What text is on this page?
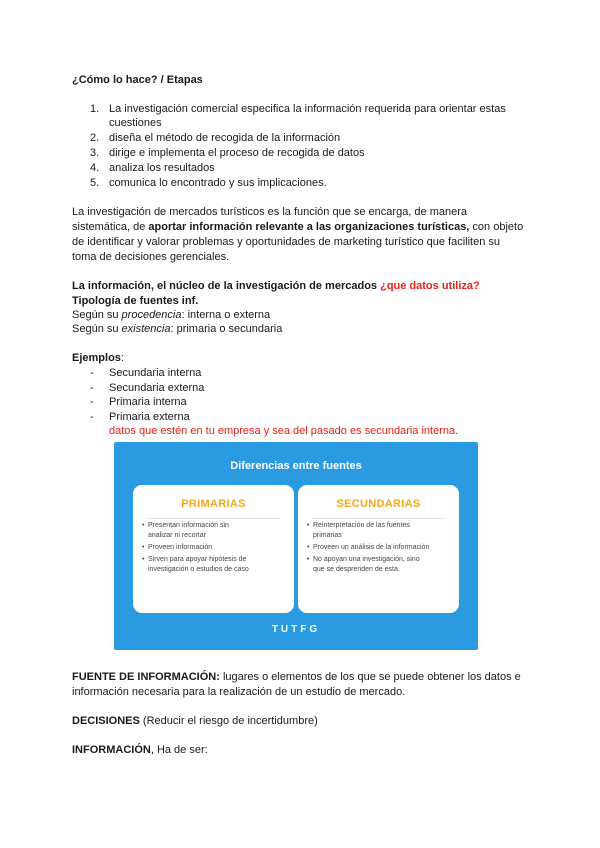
¿Cómo lo hace? / Etapas
1. La investigación comercial especifica la información requerida para orientar estas
cuestiones
2. diseña el método de recogida de la información
3. dirige e implementa el proceso de recogida de datos
4. analiza los resultados
5. comunica lo encontrado y sus implicaciones.
La investigación de mercados turísticos es la función que se encarga, de manera
sistemática, de aportar información relevante a las organizaciones turísticas, con objeto
de identificar y valorar problemas y oportunidades de marketing turístico que faciliten su
toma de decisiones gerenciales.
La información, el núcleo de la investigación de mercados ¿que datos utiliza?
Tipología de fuentes inf.
Según su procedencia: interna o externa
Según su existencia: primaria o secundaria
Ejemplos:
- Secundaria interna
- Secundaria externa
- Primaria interna
- Primaria externa
datos que estén en tu empresa y sea del pasado es secundaria interna.
Diferencias entre fuentes
PRIMARIAS
• Presentan información sin
analizar ni recortar
• Proveen información
• Sirven para apoyar hipótesis de
investigación o estudios de caso
SECUNDARIAS
• Reinterpretación de las fuentes
primarias
• Proveen un análisis de la información
• No apoyan una investigación, sino
que se desprenden de esta.
TUTFG
FUENTE DE INFORMACIÓN: lugares o elementos de los que se puede obtener los datos e
información necesaria para la realización de un estudio de mercado.
DECISIONES (Reducir el riesgo de incertidumbre)
INFORMACIÓN, Ha de ser:
